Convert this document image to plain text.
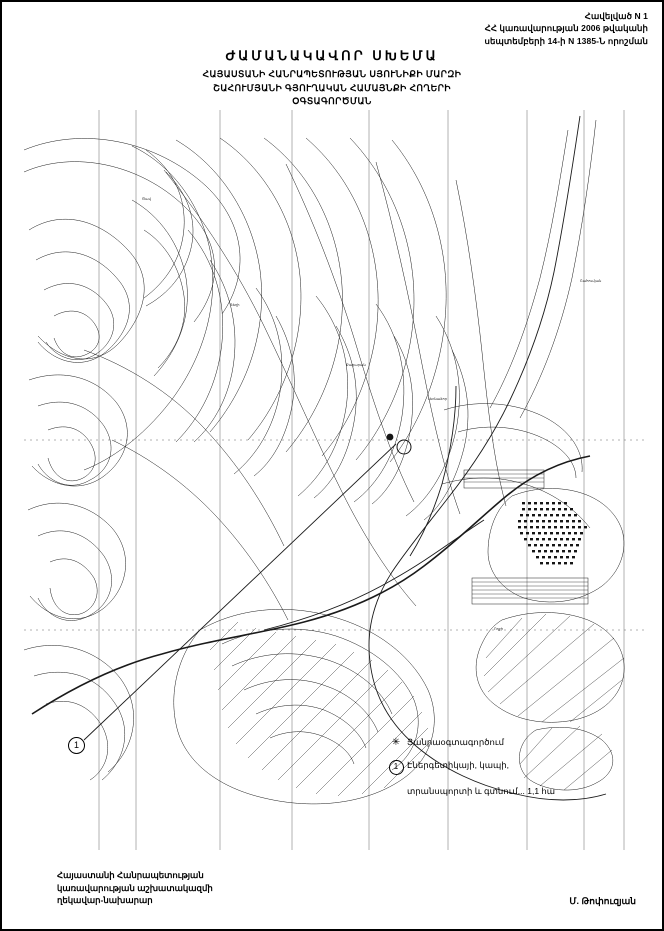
Հավելված N 1
ՀՀ կառավարության 2006 թվականի
սեպտեմբերի 14-ի N 1385-Ն որոշման
ԺԱՄԱՆԱԿԱՎՈՐ ՍԽԵՄԱ
ՀԱՅԱՍՏԱՆԻ ՀԱՆՐԱՊԵՏՈՒԹՅԱՆ ՍՅՈՒՆԻՔԻ ՄԱՐԶԻ
ՇԱՀՈՒՄՅԱՆԻ ԳՅՈՒՂԱԿԱՆ ՀԱՄԱՅՆՔԻ ՀՈՂԵՐԻ
ՕԳՏԱԳՈՐԾՄԱՆ
Շահումյան
Քաջարան
Գեղի
Լեռնաձոր
Ծավ
Ողջի
1	✳ Յանրաօգտագործում
1	Էներգետիկայի, կապի,
տրանսպորտի և գտնում... 1,1 հա
Հայաստանի Հանրապետության
կառավարության աշխատակազմի
ղեկավար-նախարար	Մ. Թոփուզյան
